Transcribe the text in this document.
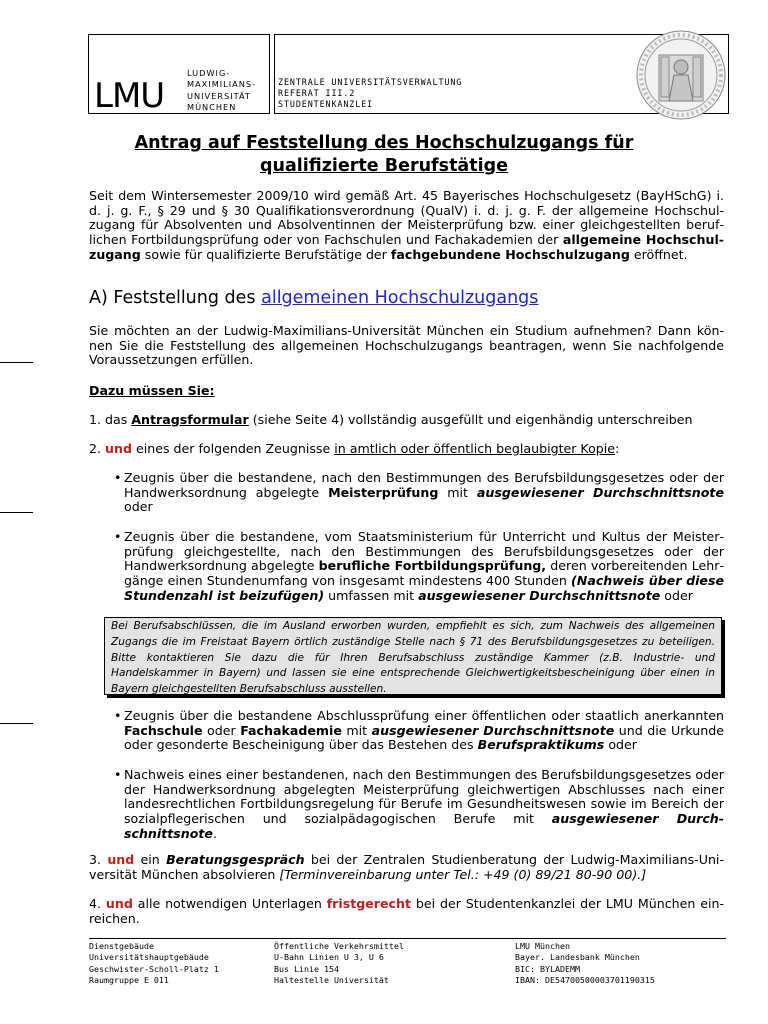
LMU
LUDWIG-
MAXIMILIANS-
UNIVERSITÄT
MÜNCHEN
ZENTRALE UNIVERSITÄTSVERWALTUNG
REFERAT III.2
STUDENTENKANZLEI
Antrag auf Feststellung des Hochschulzugangs für
qualifizierte Berufstätige
Seit dem Wintersemester 2009/10 wird gemäß Art. 45 Bayerisches Hochschulgesetz (BayHSchG) i. d. j. g. F., § 29 und § 30 Qualifikationsverordnung (QualV) i. d. j. g. F. der allgemeine Hochschulzugang für Absolventen und Absolventinnen der Meisterprüfung bzw. einer gleichgestellten beruflichen Fortbildungsprüfung oder von Fachschulen und Fachakademien der allgemeine Hochschulzugang sowie für qualifizierte Berufstätige der fachgebundene Hochschulzugang eröffnet.
A) Feststellung des allgemeinen Hochschulzugangs
Sie möchten an der Ludwig-Maximilians-Universität München ein Studium aufnehmen? Dann können Sie die Feststellung des allgemeinen Hochschulzugangs beantragen, wenn Sie nachfolgende Voraussetzungen erfüllen.
Dazu müssen Sie:
1. das Antragsformular (siehe Seite 4) vollständig ausgefüllt und eigenhändig unterschreiben
2. und eines der folgenden Zeugnisse in amtlich oder öffentlich beglaubigter Kopie:
• Zeugnis über die bestandene, nach den Bestimmungen des Berufsbildungsgesetzes oder der Handwerksordnung abgelegte Meisterprüfung mit ausgewiesener Durchschnittsnote oder
• Zeugnis über die bestandene, vom Staatsministerium für Unterricht und Kultus der Meisterprüfung gleichgestellte, nach den Bestimmungen des Berufsbildungsgesetzes oder der Handwerksordnung abgelegte berufliche Fortbildungsprüfung, deren vorbereitenden Lehrgänge einen Stundenumfang von insgesamt mindestens 400 Stunden (Nachweis über diese Stundenzahl ist beizufügen) umfassen mit ausgewiesener Durchschnittsnote oder
Bei Berufsabschlüssen, die im Ausland erworben wurden, empfiehlt es sich, zum Nachweis des allgemeinen Zugangs die im Freistaat Bayern örtlich zuständige Stelle nach § 71 des Berufsbildungsgesetzes zu beteiligen. Bitte kontaktieren Sie dazu die für Ihren Berufsabschluss zuständige Kammer (z.B. Industrie- und Handelskammer in Bayern) und lassen sie eine entsprechende Gleichwertigkeitsbescheinigung über einen in Bayern gleichgestellten Berufsabschluss ausstellen.
• Zeugnis über die bestandene Abschlussprüfung einer öffentlichen oder staatlich anerkannten Fachschule oder Fachakademie mit ausgewiesener Durchschnittsnote und die Urkunde oder gesonderte Bescheinigung über das Bestehen des Berufspraktikums oder
• Nachweis eines einer bestandenen, nach den Bestimmungen des Berufsbildungsgesetzes oder der Handwerksordnung abgelegten Meisterprüfung gleichwertigen Abschlusses nach einer landesrechtlichen Fortbildungsregelung für Berufe im Gesundheitswesen sowie im Bereich der sozialpflegerischen und sozialpädagogischen Berufe mit ausgewiesener Durchschnittsnote.
3. und ein Beratungsgespräch bei der Zentralen Studienberatung der Ludwig-Maximilians-Universität München absolvieren [Terminvereinbarung unter Tel.: +49 (0) 89/21 80-90 00).]
4. und alle notwendigen Unterlagen fristgerecht bei der Studentenkanzlei der LMU München einreichen.
Dienstgebäude
Universitätshauptgebäude
Geschwister-Scholl-Platz 1
Raumgruppe E 011
Öffentliche Verkehrsmittel
U-Bahn Linien U 3, U 6
Bus Linie 154
Haltestelle Universität
LMU München
Bayer. Landesbank München
BIC: BYLADEMM
IBAN: DE54700500003701190315
